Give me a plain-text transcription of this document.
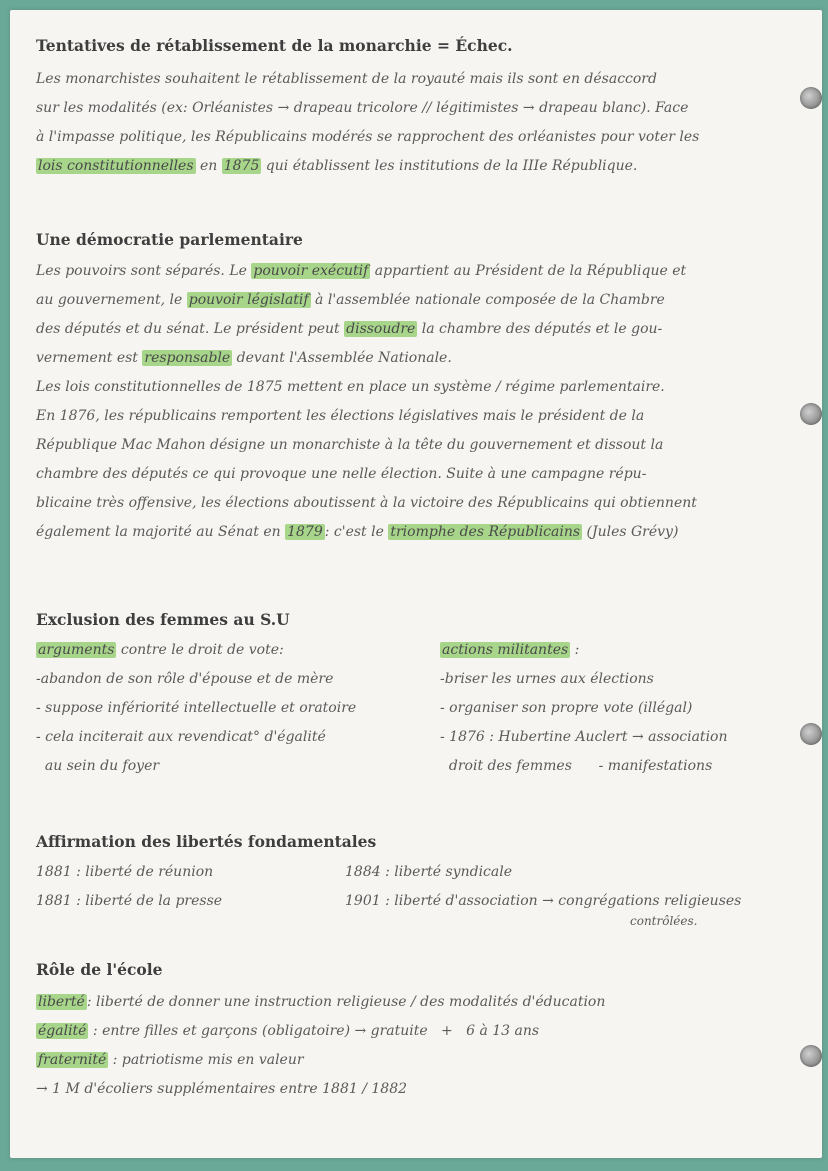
Tentatives de rétablissement de la monarchie = Échec.
Les monarchistes souhaitent le rétablissement de la royauté mais ils sont en désaccord
sur les modalités (ex: Orléanistes → drapeau tricolore // légitimistes → drapeau blanc). Face
à l'impasse politique, les Républicains modérés se rapprochent des orléanistes pour voter les
lois constitutionnelles en 1875 qui établissent les institutions de la IIIe République.
Une démocratie parlementaire
Les pouvoirs sont séparés. Le pouvoir exécutif appartient au Président de la République et
au gouvernement, le pouvoir législatif à l'assemblée nationale composée de la Chambre
des députés et du sénat. Le président peut dissoudre la chambre des députés et le gou-
vernement est responsable devant l'Assemblée Nationale.
Les lois constitutionnelles de 1875 mettent en place un système / régime parlementaire.
En 1876, les républicains remportent les élections législatives mais le président de la
République Mac Mahon désigne un monarchiste à la tête du gouvernement et dissout la
chambre des députés ce qui provoque une nelle élection. Suite à une campagne répu-
blicaine très offensive, les élections aboutissent à la victoire des Républicains qui obtiennent
également la majorité au Sénat en 1879 : c'est le triomphe des Républicains (Jules Grévy)
Exclusion des femmes au S.U
arguments contre le droit de vote:
-abandon de son rôle d'épouse et de mère
- suppose infériorité intellectuelle et oratoire
- cela inciterait aux revendicat° d'égalité
au sein du foyer
actions militantes :
-briser les urnes aux élections
- organiser son propre vote (illégal)
- 1876 : Hubertine Auclert → association
droit des femmes      - manifestations
Affirmation des libertés fondamentales
1881 : liberté de réunion
1881 : liberté de la presse
1884 : liberté syndicale
1901 : liberté d'association → congrégations religieuses
contrôlées.
Rôle de l'école
liberté : liberté de donner une instruction religieuse / des modalités d'éducation
égalité : entre filles et garçons (obligatoire) → gratuite   +   6 à 13 ans
fraternité : patriotisme mis en valeur
→ 1 M d'écoliers supplémentaires entre 1881 / 1882
